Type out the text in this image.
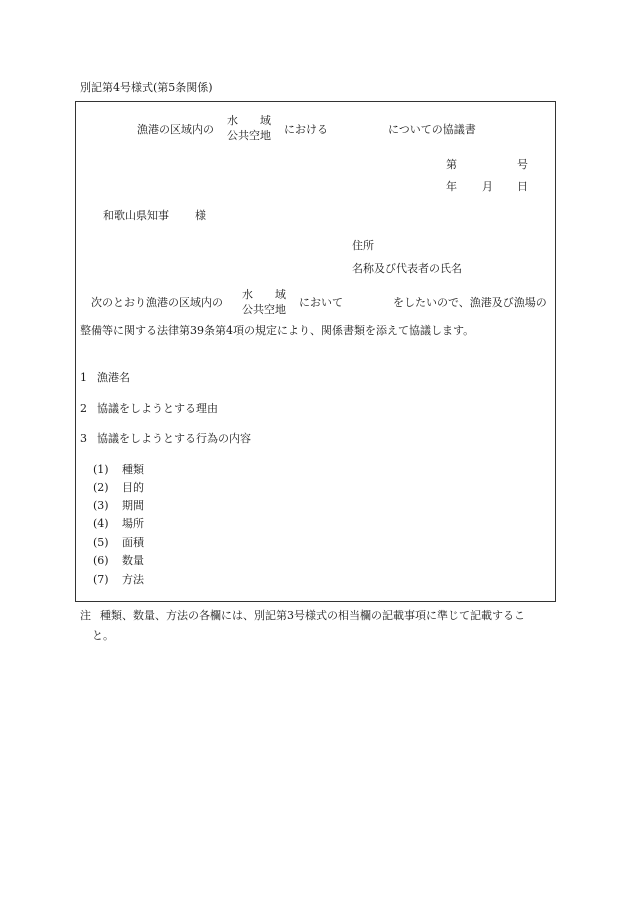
別記第4号様式(第5条関係)
漁港の区域内の
水　　域
公共空地 における	についての協議書
第	号
年 月 日
和歌山県知事 様
住所
名称及び代表者の氏名
次のとおり漁港の区域内の
水　　域
公共空地
において	をしたいので、漁港及び漁場の
整備等に関する法律第39条第4項の規定により、関係書類を添えて協議します。
1 漁港名
2 協議をしようとする理由
3 協議をしようとする行為の内容
(1) 種類
(2) 目的
(3) 期間
(4) 場所
(5) 面積
(6) 数量
(7) 方法
注 種類、数量、方法の各欄には、別記第3号様式の相当欄の記載事項に準じて記載するこ
と。
